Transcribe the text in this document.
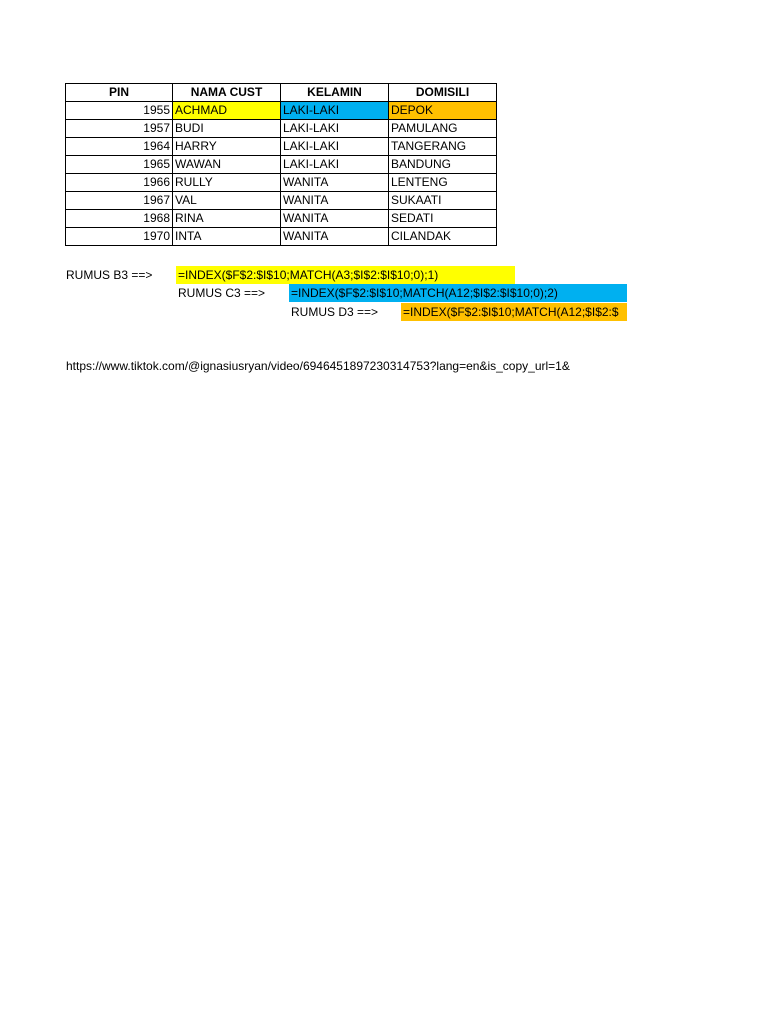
PIN	NAMA CUST	KELAMIN	DOMISILI
1955	ACHMAD	LAKI-LAKI	DEPOK
1957	BUDI	LAKI-LAKI	PAMULANG
1964	HARRY	LAKI-LAKI	TANGERANG
1965	WAWAN	LAKI-LAKI	BANDUNG
1966	RULLY	WANITA	LENTENG
1967	VAL	WANITA	SUKAATI
1968	RINA	WANITA	SEDATI
1970	INTA	WANITA	CILANDAK
RUMUS B3 ==> =INDEX($F$2:$I$10;MATCH(A3;$I$2:$I$10;0);1)
RUMUS C3 ==> =INDEX($F$2:$I$10;MATCH(A12;$I$2:$I$10;0);2)
RUMUS D3 ==> =INDEX($F$2:$I$10;MATCH(A12;$I$2:$
https://www.tiktok.com/@ignasiusryan/video/6946451897230314753?lang=en&is_copy_url=1&
